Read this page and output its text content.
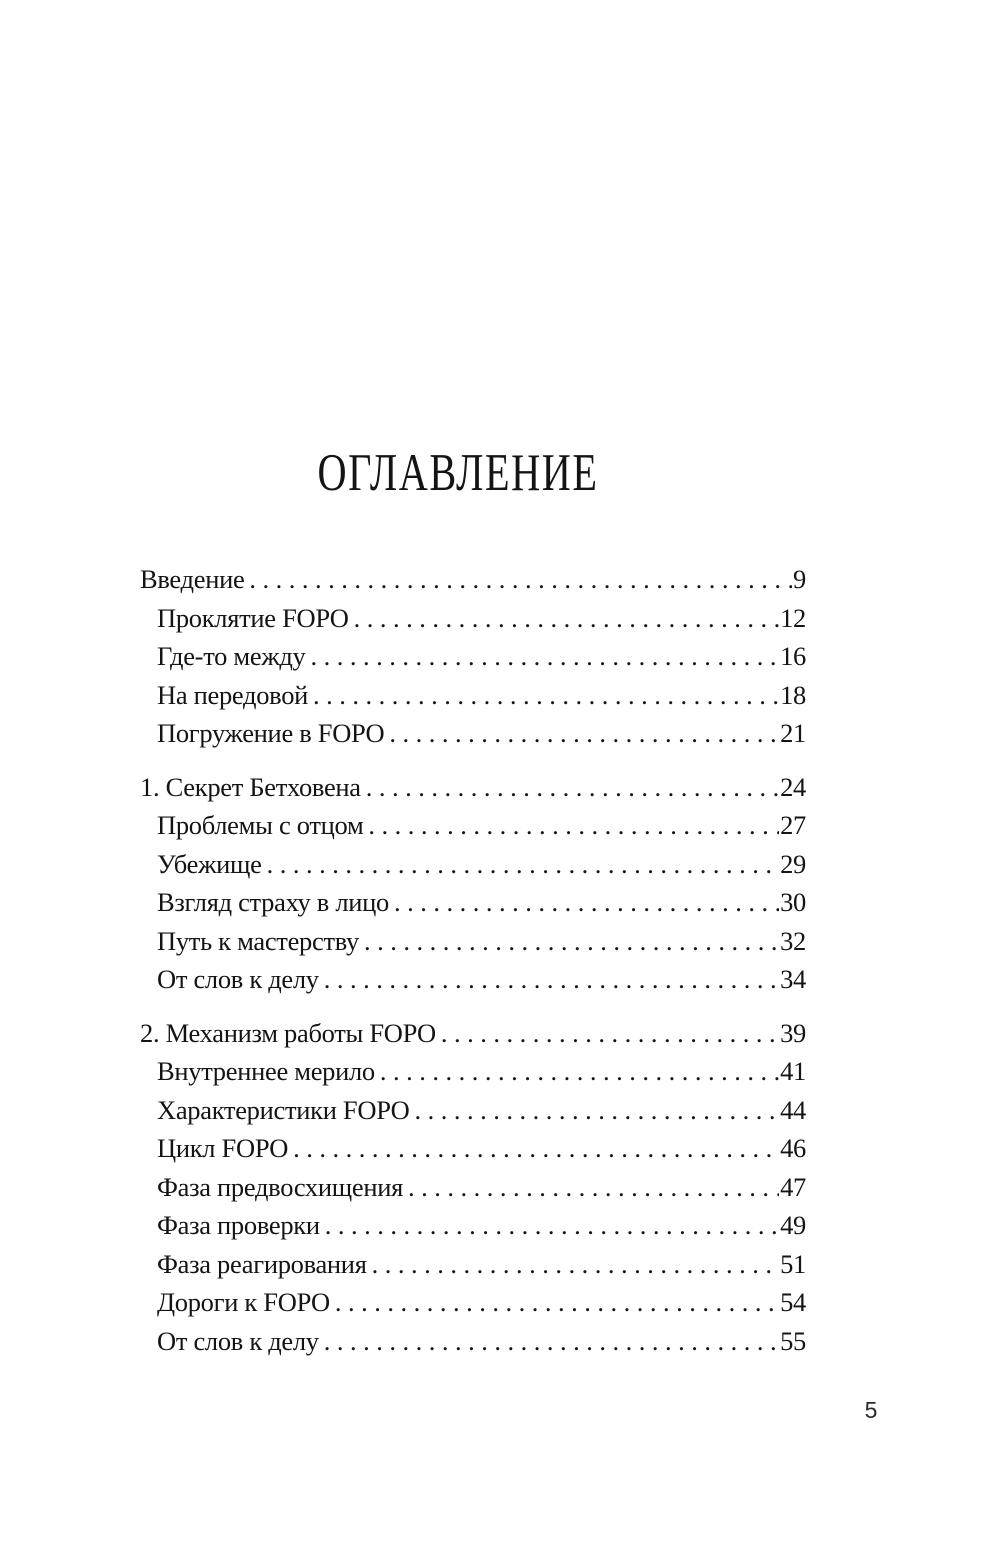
ОГЛАВЛЕНИЕ
Введение .....	9
Проклятие FOPO .....	12
Где-то между .....	16
На передовой .....	18
Погружение в FOPO .....	21
1. Секрет Бетховена .....	24
Проблемы с отцом .....	27
Убежище .....	29
Взгляд страху в лицо .....	30
Путь к мастерству .....	32
От слов к делу .....	34
2. Механизм работы FOPO .....	39
Внутреннее мерило .....	41
Характеристики FOPO .....	44
Цикл FOPO .....	46
Фаза предвосхищения .....	47
Фаза проверки .....	49
Фаза реагирования .....	51
Дороги к FOPO .....	54
От слов к делу .....	55
5
